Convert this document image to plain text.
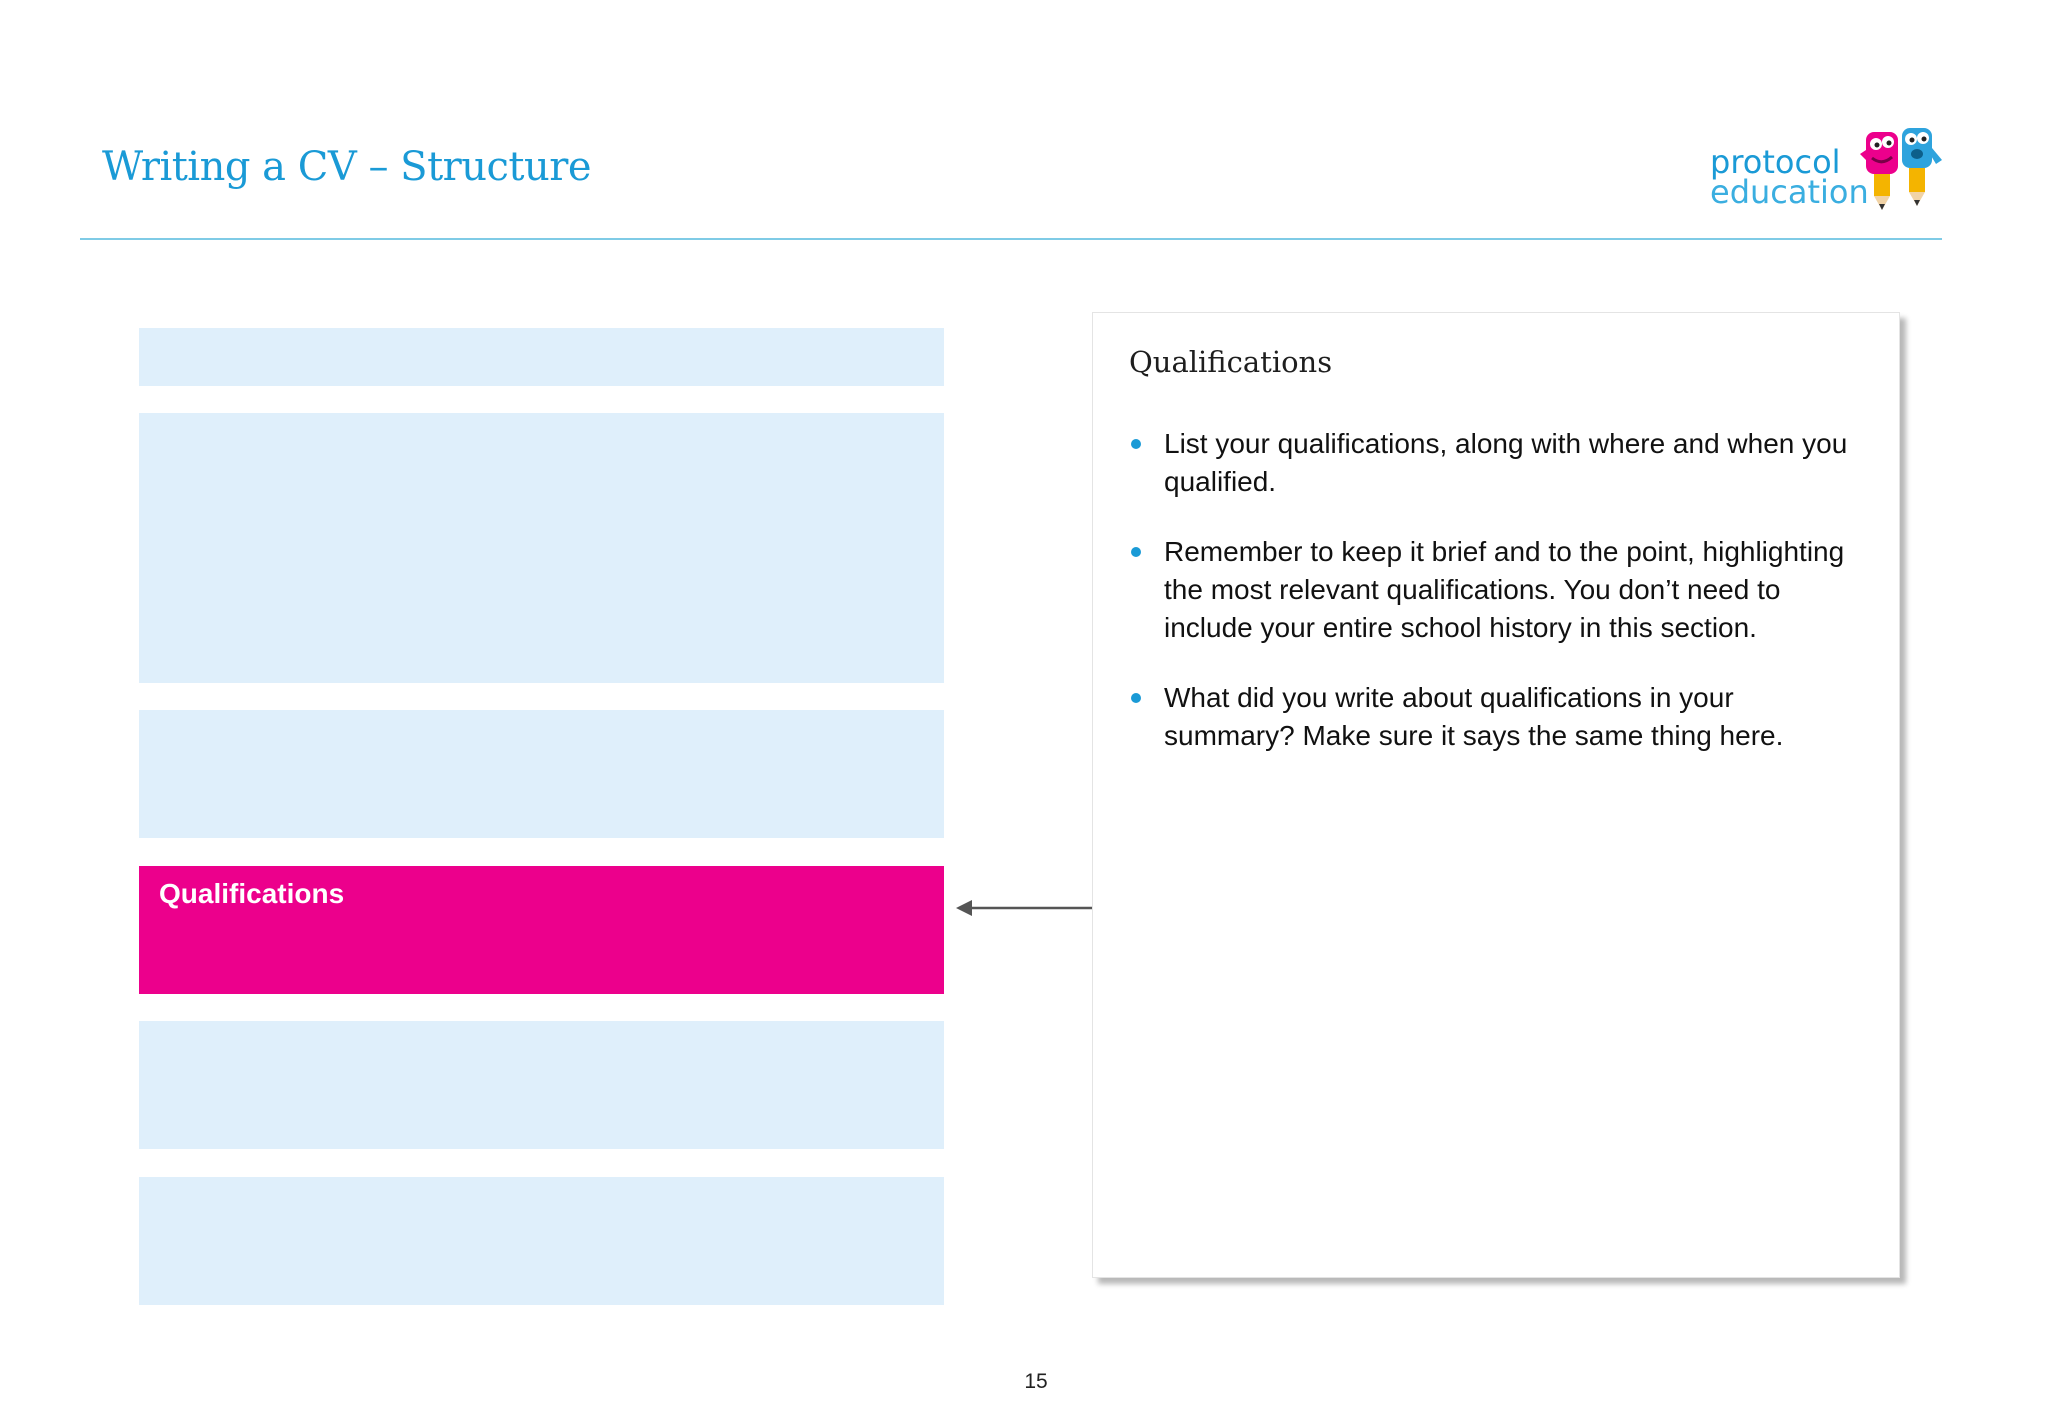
Writing a CV – Structure	protocol
education
Qualifications
Qualifications
List your qualifications, along with where and when you qualified.
Remember to keep it brief and to the point, highlighting the most relevant qualifications. You don’t need to include your entire school history in this section.
What did you write about qualifications in your summary? Make sure it says the same thing here.
15
